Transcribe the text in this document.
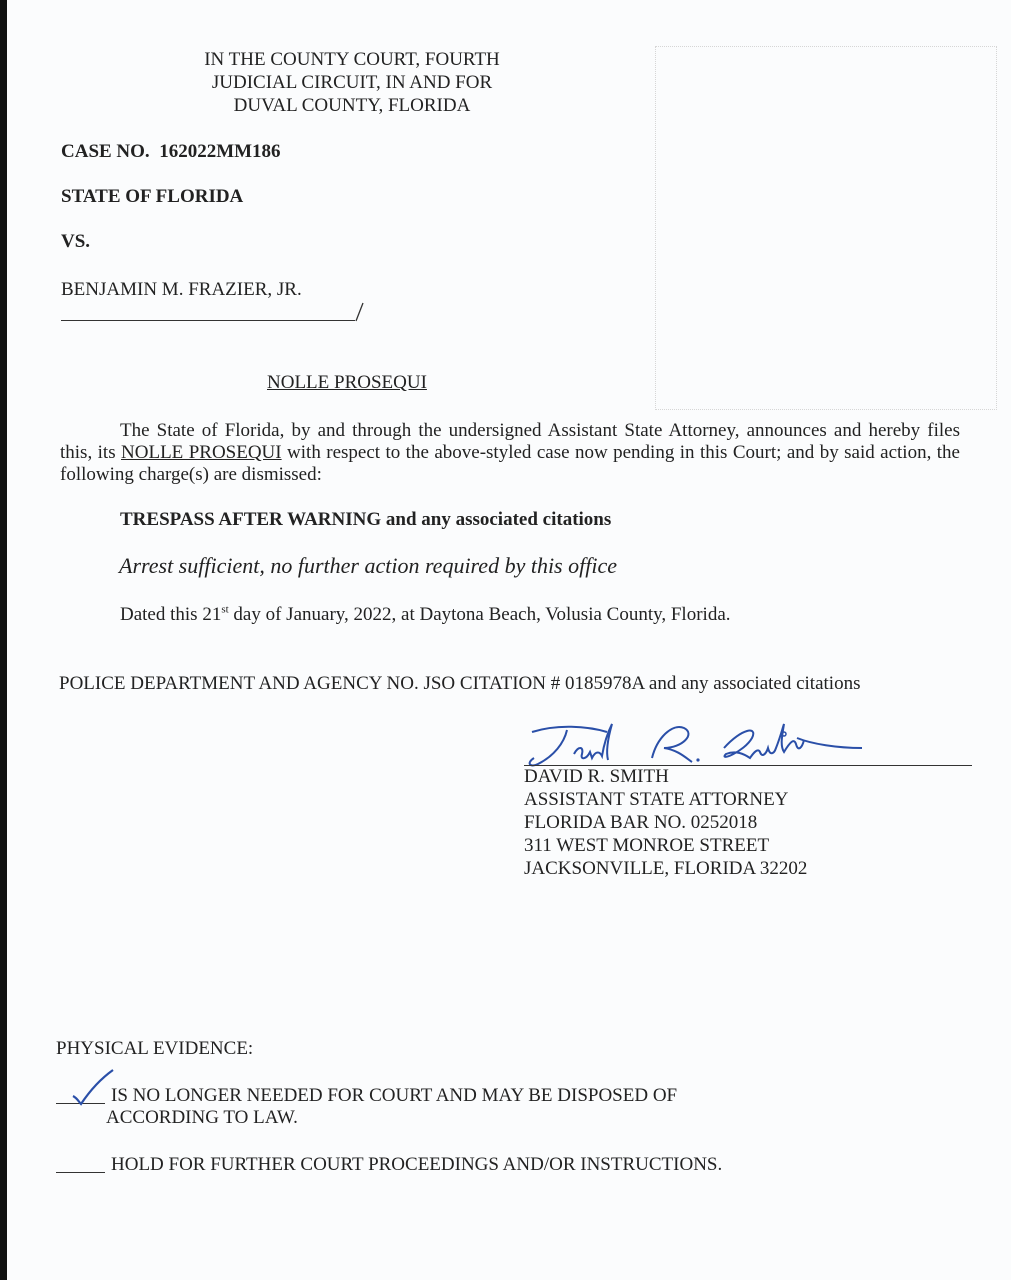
IN THE COUNTY COURT, FOURTH
JUDICIAL CIRCUIT, IN AND FOR
DUVAL COUNTY, FLORIDA
CASE NO. 162022MM186
STATE OF FLORIDA
VS.
BENJAMIN M. FRAZIER, JR.
NOLLE PROSEQUI
The State of Florida, by and through the undersigned Assistant State Attorney, announces and hereby files this, its NOLLE PROSEQUI with respect to the above-styled case now pending in this Court; and by said action, the following charge(s) are dismissed:
TRESPASS AFTER WARNING and any associated citations
Arrest sufficient, no further action required by this office
Dated this 21st day of January, 2022, at Daytona Beach, Volusia County, Florida.
POLICE DEPARTMENT AND AGENCY NO. JSO CITATION # 0185978A and any associated citations
David R. Smith
DAVID R. SMITH
ASSISTANT STATE ATTORNEY
FLORIDA BAR NO. 0252018
311 WEST MONROE STREET
JACKSONVILLE, FLORIDA 32202
PHYSICAL EVIDENCE:
IS NO LONGER NEEDED FOR COURT AND MAY BE DISPOSED OF
ACCORDING TO LAW.
HOLD FOR FURTHER COURT PROCEEDINGS AND/OR INSTRUCTIONS.
